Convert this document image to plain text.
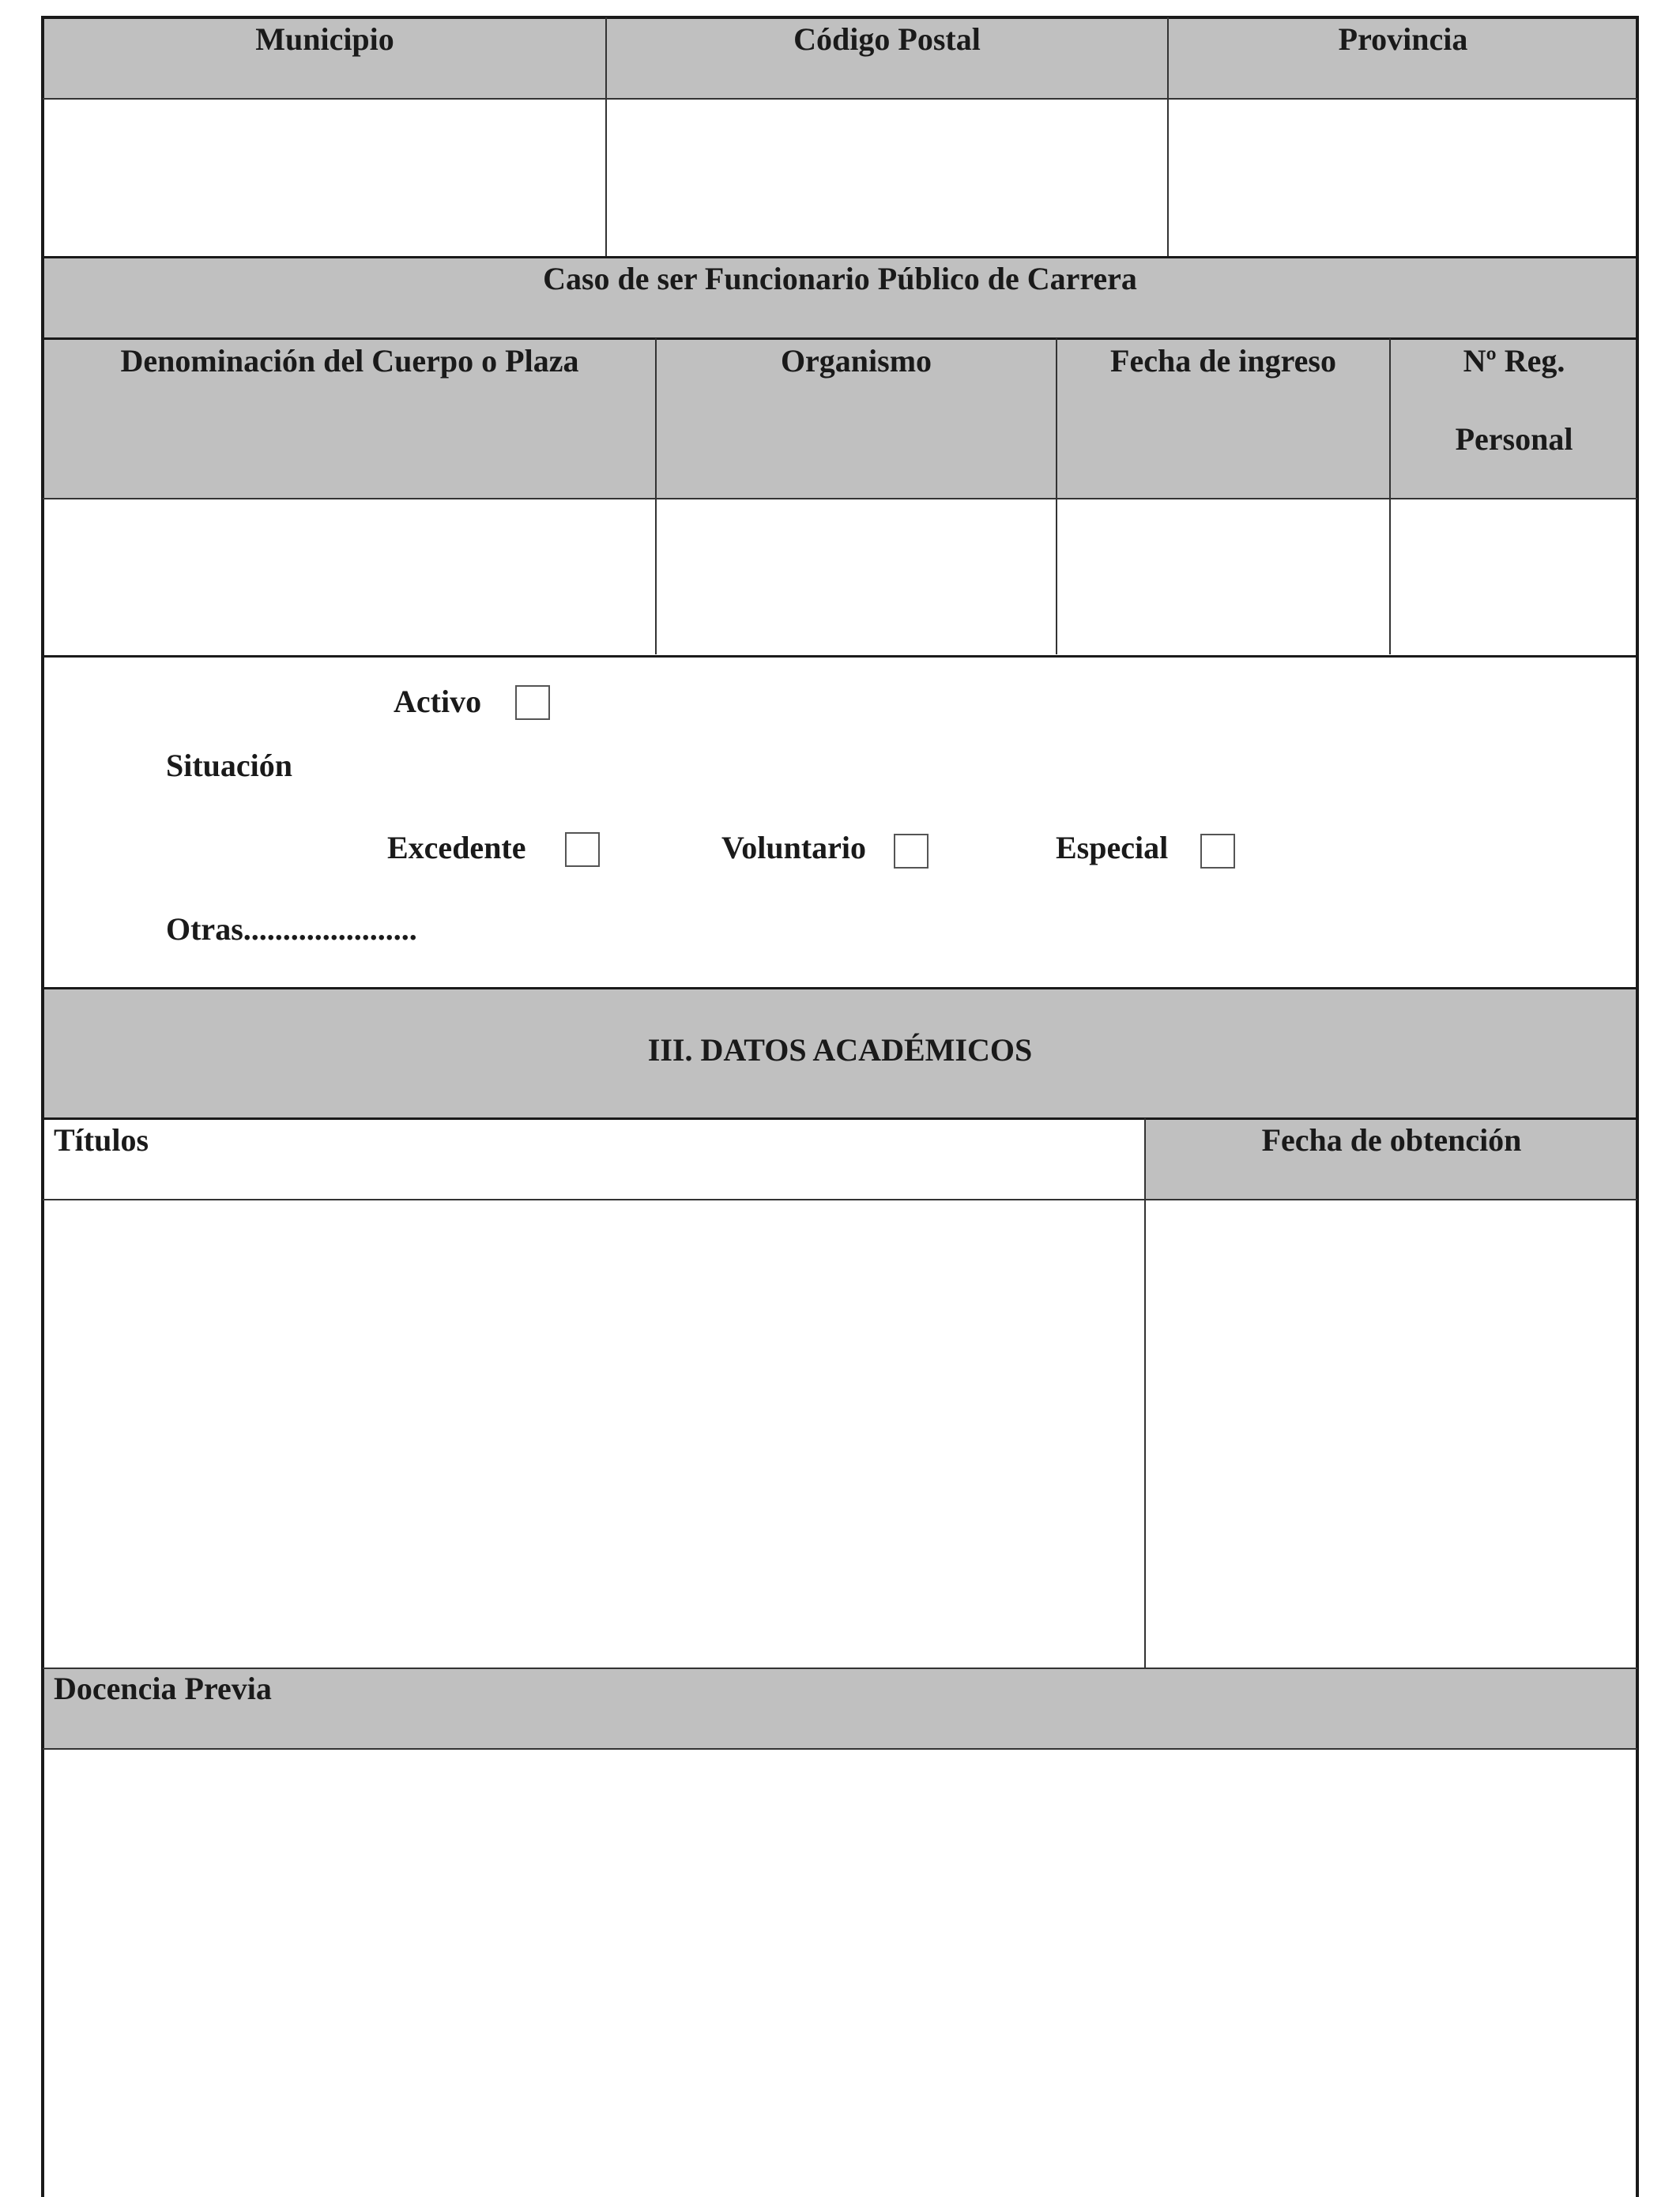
Municipio	Código Postal	Provincia
Caso de ser Funcionario Público de Carrera
Denominación del Cuerpo o Plaza	Organismo	Fecha de ingreso	Nº Reg.
Personal
Activo
Situación
Excedente	Voluntario	Especial
Otras......................
III. DATOS ACADÉMICOS
Títulos	Fecha de obtención
Docencia Previa
